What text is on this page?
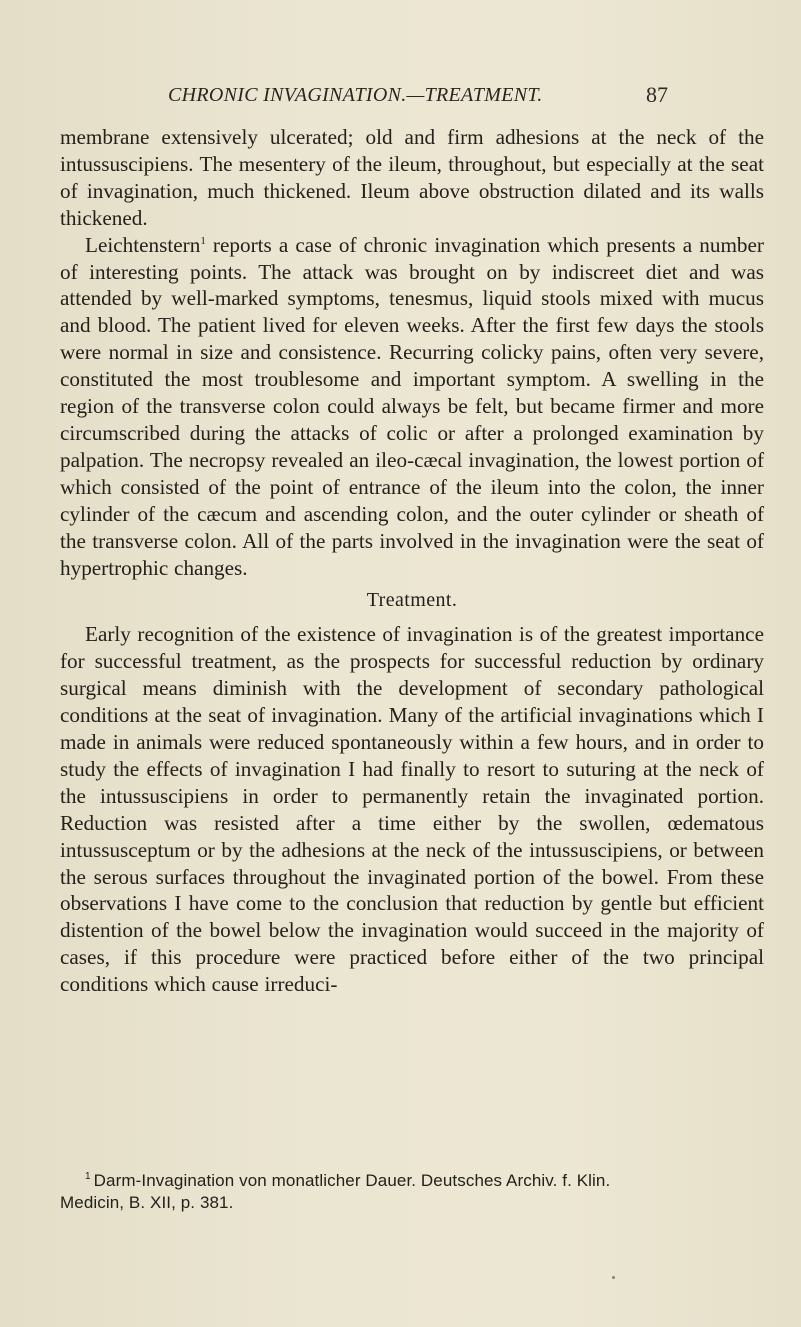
CHRONIC INVAGINATION.—TREATMENT.	87

membrane extensively ulcerated; old and firm adhesions at the neck of the intussuscipiens. The mesentery of the ileum, throughout, but especially at the seat of invagination, much thickened. Ileum above obstruction dilated and its walls thickened.

Leichtenstern$^1$ reports a case of chronic invagination which presents a number of interesting points. The attack was brought on by indiscreet diet and was attended by well-marked symptoms, tenesmus, liquid stools mixed with mucus and blood. The patient lived for eleven weeks. After the first few days the stools were normal in size and consistence. Recurring colicky pains, often very severe, constituted the most troublesome and important symptom. A swelling in the region of the transverse colon could always be felt, but became firmer and more circumscribed during the attacks of colic or after a prolonged examination by palpation. The necropsy revealed an ileo-cæcal invagination, the lowest portion of which consisted of the point of entrance of the ileum into the colon, the inner cylinder of the cæcum and ascending colon, and the outer cylinder or sheath of the transverse colon. All of the parts involved in the invagination were the seat of hypertrophic changes.

Treatment.

Early recognition of the existence of invagination is of the greatest importance for successful treatment, as the prospects for successful reduction by ordinary surgical means diminish with the development of secondary pathological conditions at the seat of invagination. Many of the artificial invaginations which I made in animals were reduced spontaneously within a few hours, and in order to study the effects of invagination I had finally to resort to suturing at the neck of the intussuscipiens in order to permanently retain the invaginated portion. Reduction was resisted after a time either by the swollen, œdematous intussusceptum or by the adhesions at the neck of the intussuscipiens, or between the serous surfaces throughout the invaginated portion of the bowel. From these observations I have come to the conclusion that reduction by gentle but efficient distention of the bowel below the invagination would succeed in the majority of cases, if this procedure were practiced before either of the two principal conditions which cause irreduci-

$^1$ Darm-Invagination von monatlicher Dauer. Deutsches Archiv. f. Klin.
Medicin, B. XII, p. 381.
